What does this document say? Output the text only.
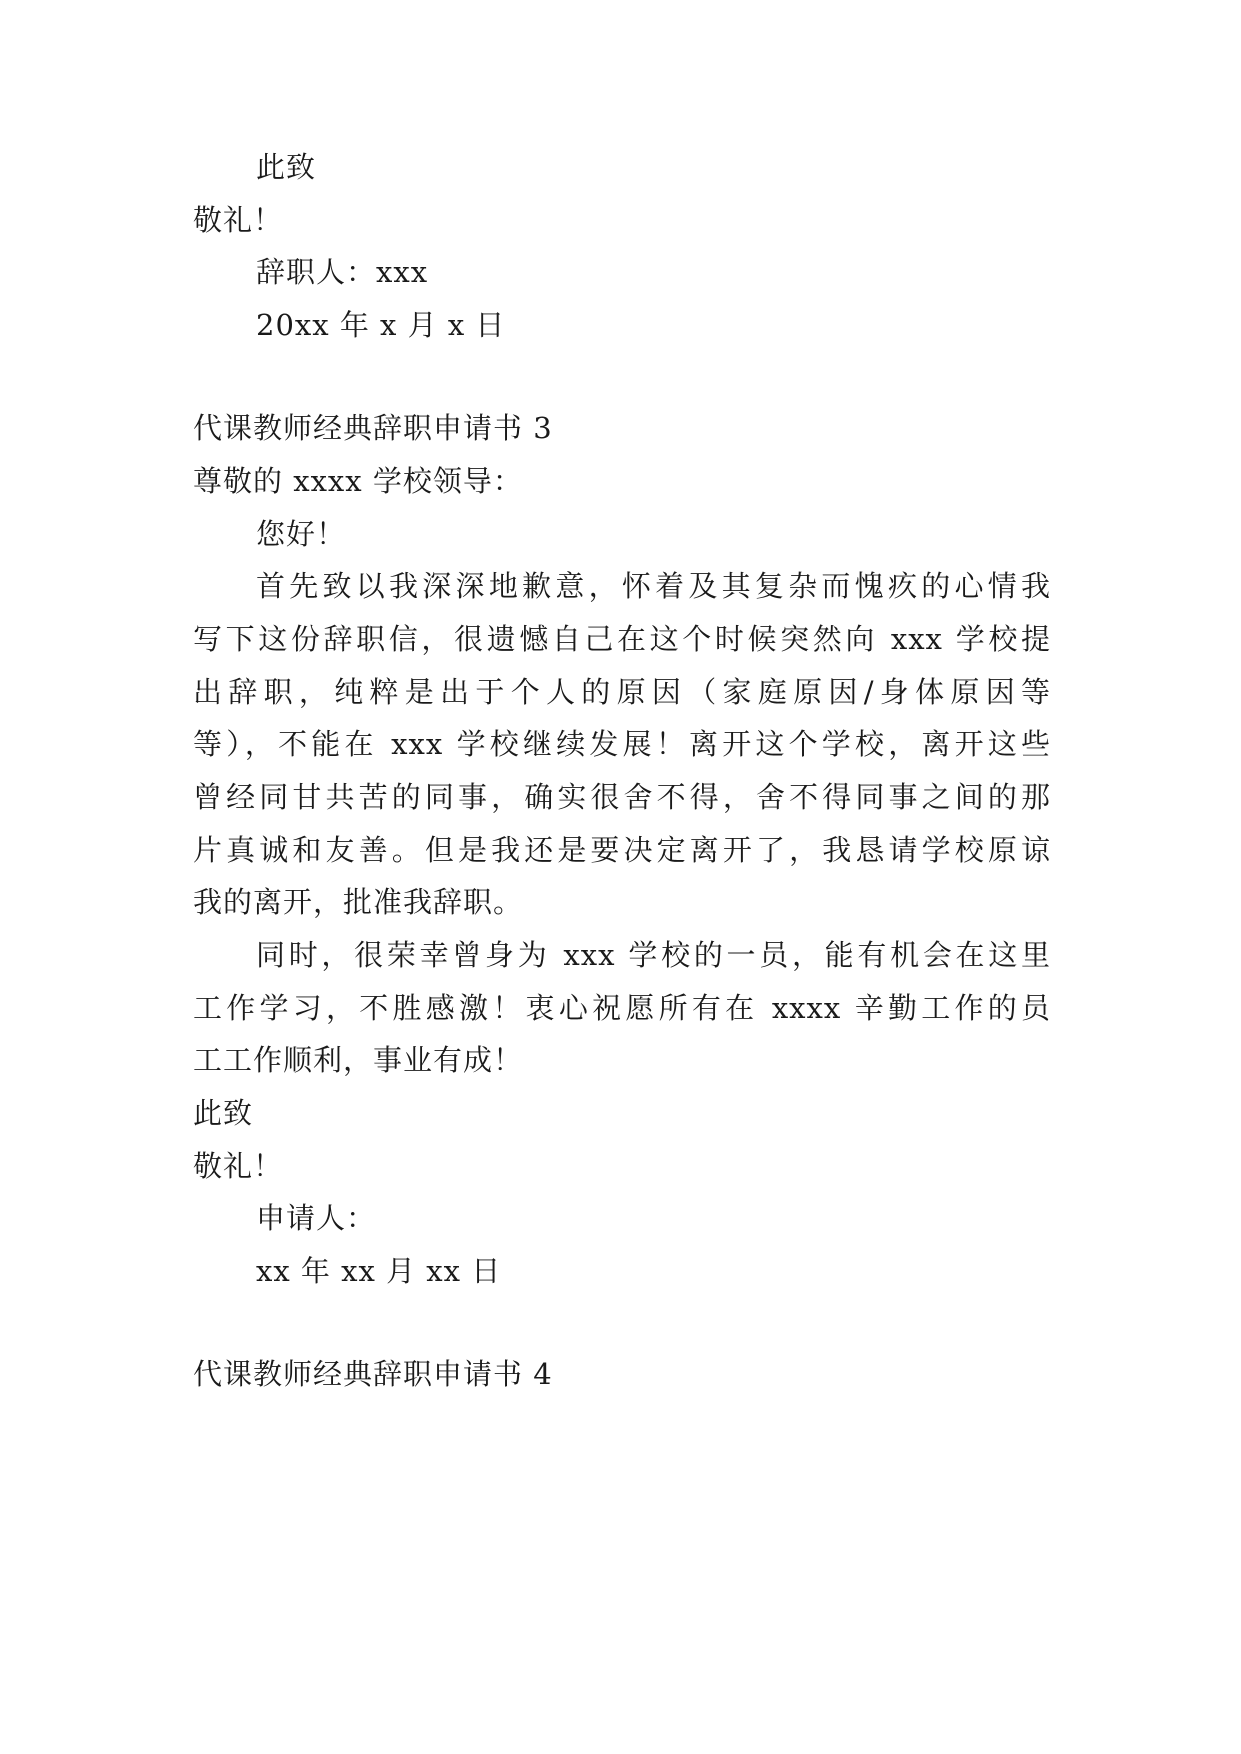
此致
敬礼！
辞职人：xxx
20xx 年 x 月 x 日
代课教师经典辞职申请书 3
尊敬的 xxxx 学校领导：
您好！
首先致以我深深地歉意，怀着及其复杂而愧疚的心情我
写下这份辞职信，很遗憾自己在这个时候突然向 xxx 学校提
出辞职，纯粹是出于个人的原因（家庭原因/身体原因等
等），不能在 xxx 学校继续发展！离开这个学校，离开这些
曾经同甘共苦的同事，确实很舍不得，舍不得同事之间的那
片真诚和友善。但是我还是要决定离开了，我恳请学校原谅
我的离开，批准我辞职。
同时，很荣幸曾身为 xxx 学校的一员，能有机会在这里
工作学习，不胜感激！衷心祝愿所有在 xxxx 辛勤工作的员
工工作顺利，事业有成！
此致
敬礼！
申请人：
xx 年 xx 月 xx 日
代课教师经典辞职申请书 4
